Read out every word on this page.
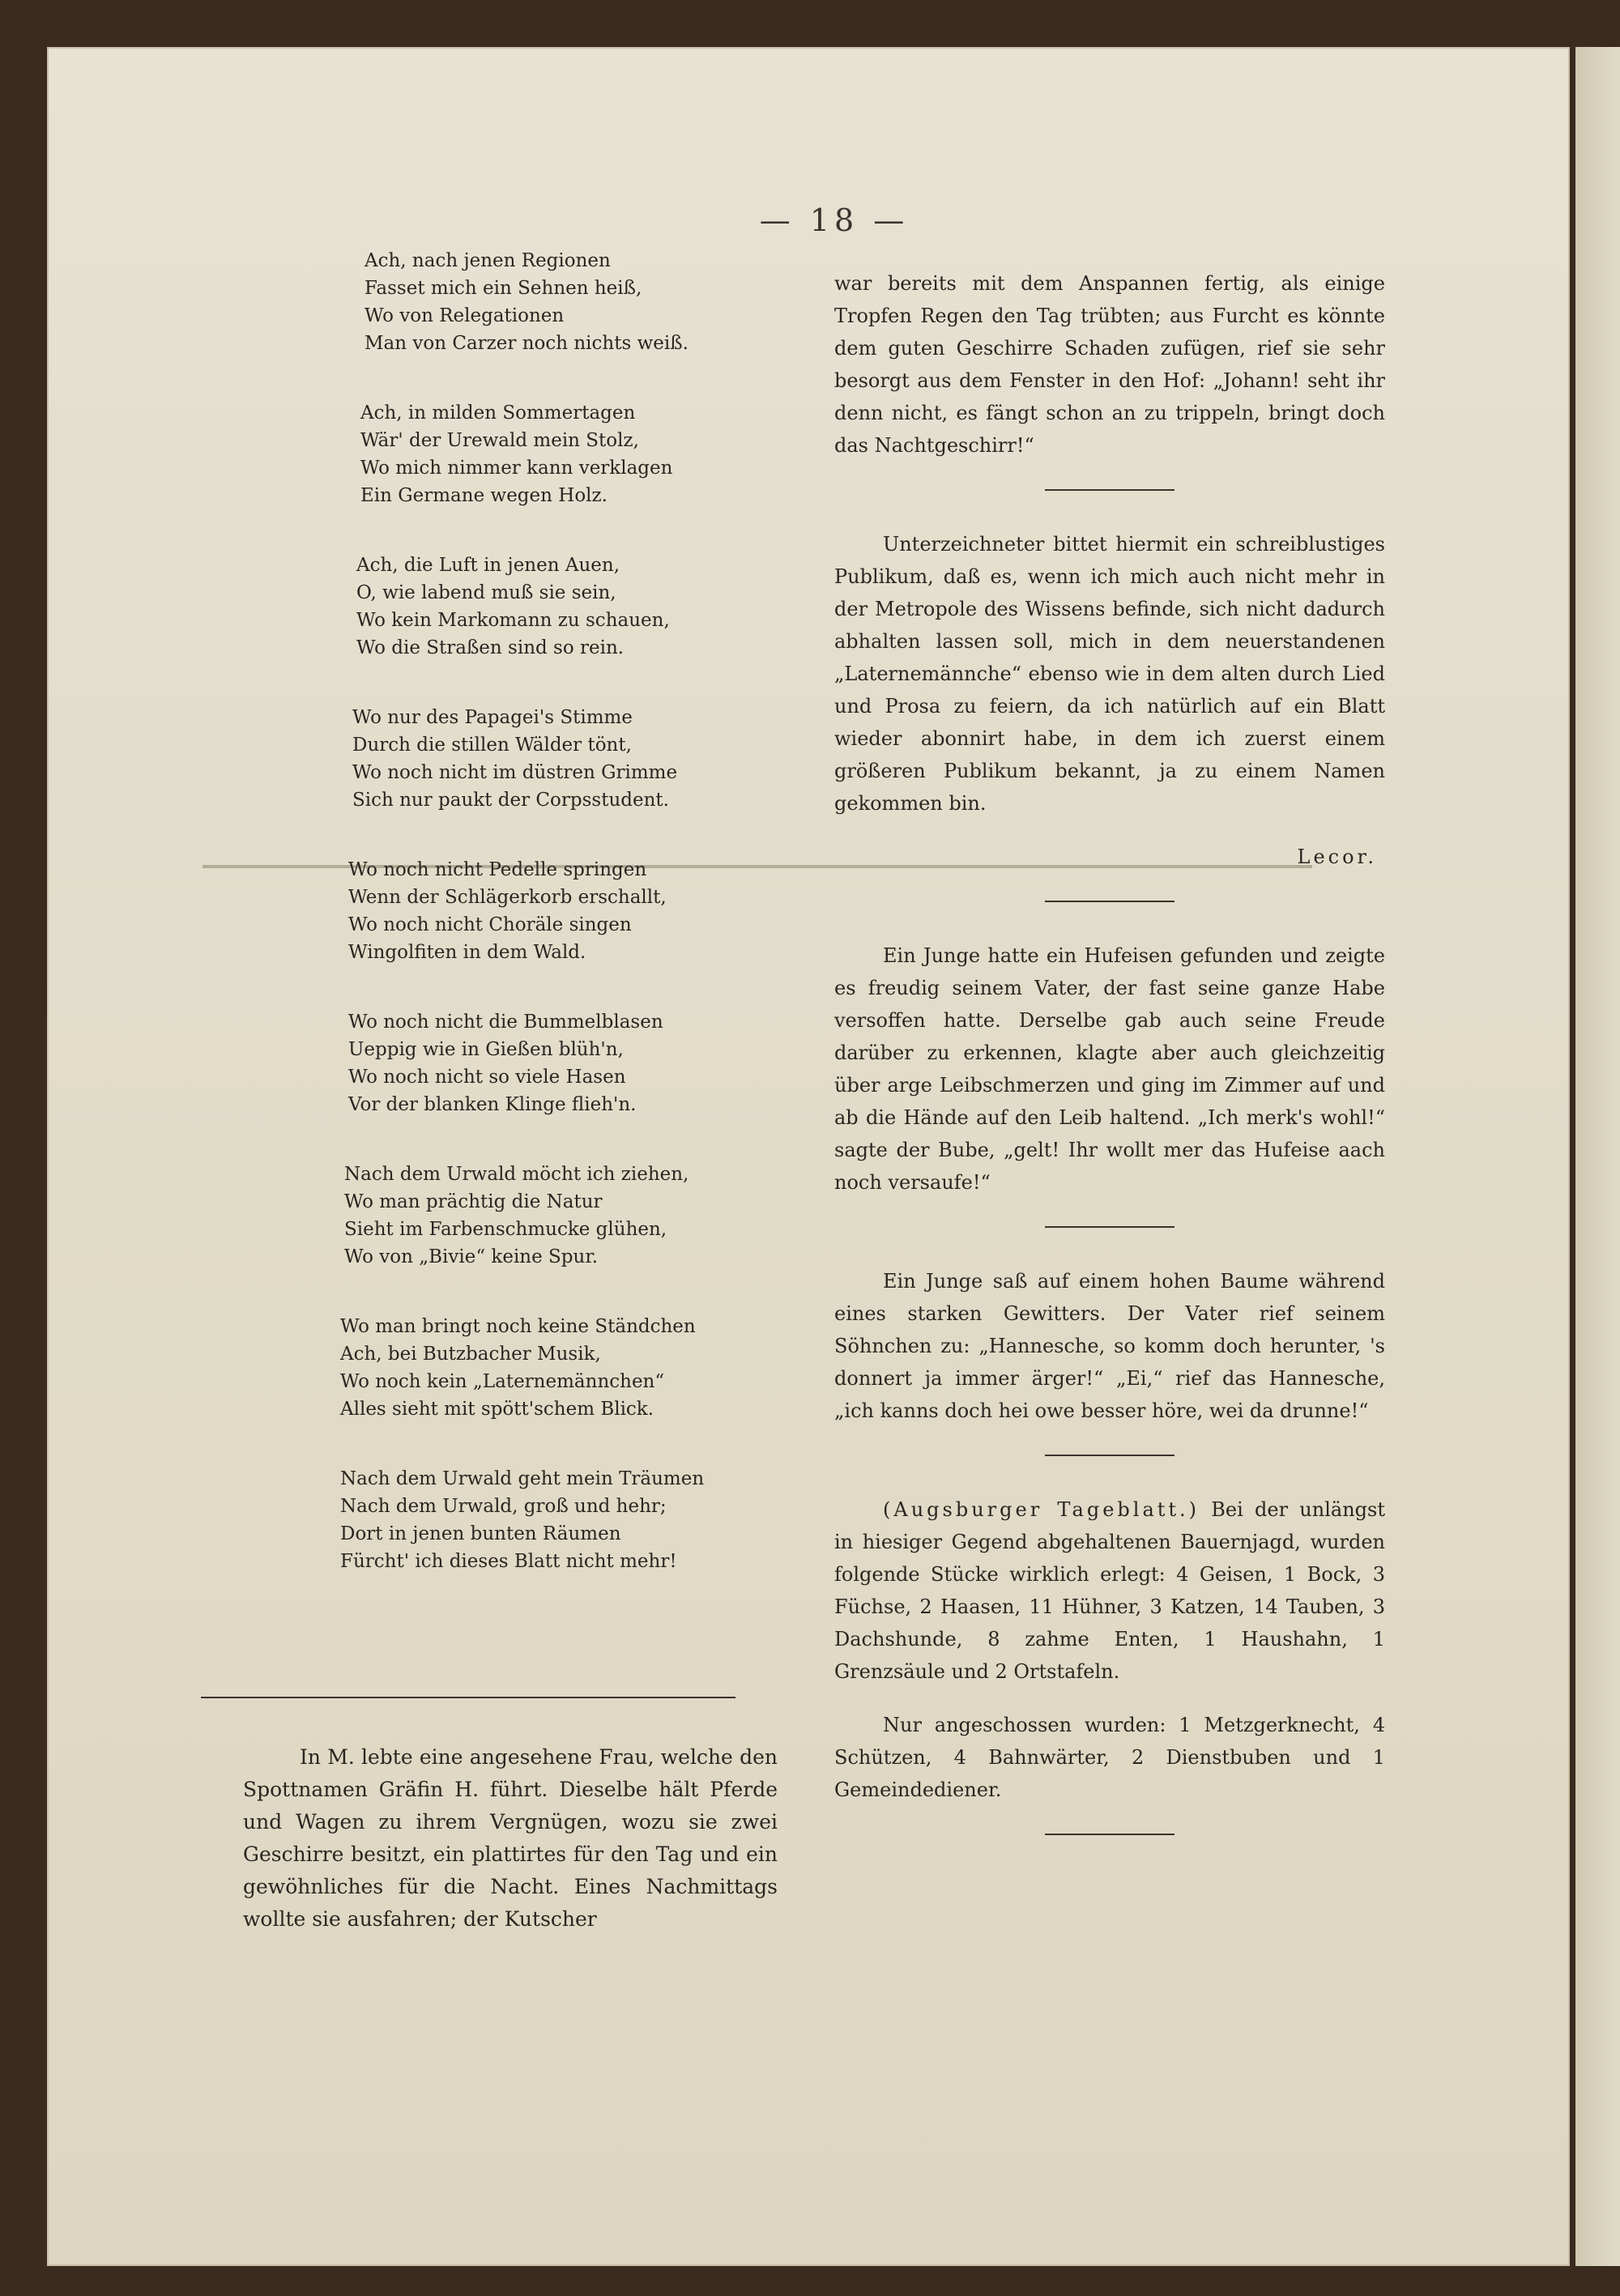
— 18 —
Ach, nach jenen Regionen
Fasset mich ein Sehnen heiß,
Wo von Relegationen
Man von Carzer noch nichts weiß.
Ach, in milden Sommertagen
Wär' der Urewald mein Stolz,
Wo mich nimmer kann verklagen
Ein Germane wegen Holz.
Ach, die Luft in jenen Auen,
O, wie labend muß sie sein,
Wo kein Markomann zu schauen,
Wo die Straßen sind so rein.
Wo nur des Papagei's Stimme
Durch die stillen Wälder tönt,
Wo noch nicht im düstren Grimme
Sich nur paukt der Corpsstudent.
Wo noch nicht Pedelle springen
Wenn der Schlägerkorb erschallt,
Wo noch nicht Choräle singen
Wingolfiten in dem Wald.
Wo noch nicht die Bummelblasen
Ueppig wie in Gießen blüh'n,
Wo noch nicht so viele Hasen
Vor der blanken Klinge flieh'n.
Nach dem Urwald möcht ich ziehen,
Wo man prächtig die Natur
Sieht im Farbenschmucke glühen,
Wo von „Bivie“ keine Spur.
Wo man bringt noch keine Ständchen
Ach, bei Butzbacher Musik,
Wo noch kein „Laternemännchen“
Alles sieht mit spött'schem Blick.
Nach dem Urwald geht mein Träumen
Nach dem Urwald, groß und hehr;
Dort in jenen bunten Räumen
Fürcht' ich dieses Blatt nicht mehr!
In M. lebte eine angesehene Frau, welche den Spottnamen Gräfin H. führt. Dieselbe hält Pferde und Wagen zu ihrem Vergnügen, wozu sie zwei Geschirre besitzt, ein plattirtes für den Tag und ein gewöhnliches für die Nacht. Eines Nachmittags wollte sie ausfahren; der Kutscher
war bereits mit dem Anspannen fertig, als einige Tropfen Regen den Tag trübten; aus Furcht es könnte dem guten Geschirre Schaden zufügen, rief sie sehr besorgt aus dem Fenster in den Hof: „Johann! seht ihr denn nicht, es fängt schon an zu trippeln, bringt doch das Nachtgeschirr!“
Unterzeichneter bittet hiermit ein schreiblustiges Publikum, daß es, wenn ich mich auch nicht mehr in der Metropole des Wissens befinde, sich nicht dadurch abhalten lassen soll, mich in dem neuerstandenen „Laternemännche“ ebenso wie in dem alten durch Lied und Prosa zu feiern, da ich natürlich auf ein Blatt wieder abonnirt habe, in dem ich zuerst einem größeren Publikum bekannt, ja zu einem Namen gekommen bin.
Lecor.
Ein Junge hatte ein Hufeisen gefunden und zeigte es freudig seinem Vater, der fast seine ganze Habe versoffen hatte. Derselbe gab auch seine Freude darüber zu erkennen, klagte aber auch gleichzeitig über arge Leibschmerzen und ging im Zimmer auf und ab die Hände auf den Leib haltend. „Ich merk's wohl!“ sagte der Bube, „gelt! Ihr wollt mer das Hufeise aach noch versaufe!“
Ein Junge saß auf einem hohen Baume während eines starken Gewitters. Der Vater rief seinem Söhnchen zu: „Hanneschе, so komm doch herunter, 's donnert ja immer ärger!“ „Ei,“ rief das Hanneschе, „ich kanns doch hei owe besser höre, wei da drunne!“
(Augsburger Tageblatt.) Bei der unlängst in hiesiger Gegend abgehaltenen Bauernjagd, wurden folgende Stücke wirklich erlegt: 4 Geisen, 1 Bock, 3 Füchse, 2 Haasen, 11 Hühner, 3 Katzen, 14 Tauben, 3 Dachshunde, 8 zahme Enten, 1 Haushahn, 1 Grenzsäule und 2 Ortstafeln.
Nur angeschossen wurden: 1 Metzgerknecht, 4 Schützen, 4 Bahnwärter, 2 Dienstbuben und 1 Gemeindediener.
